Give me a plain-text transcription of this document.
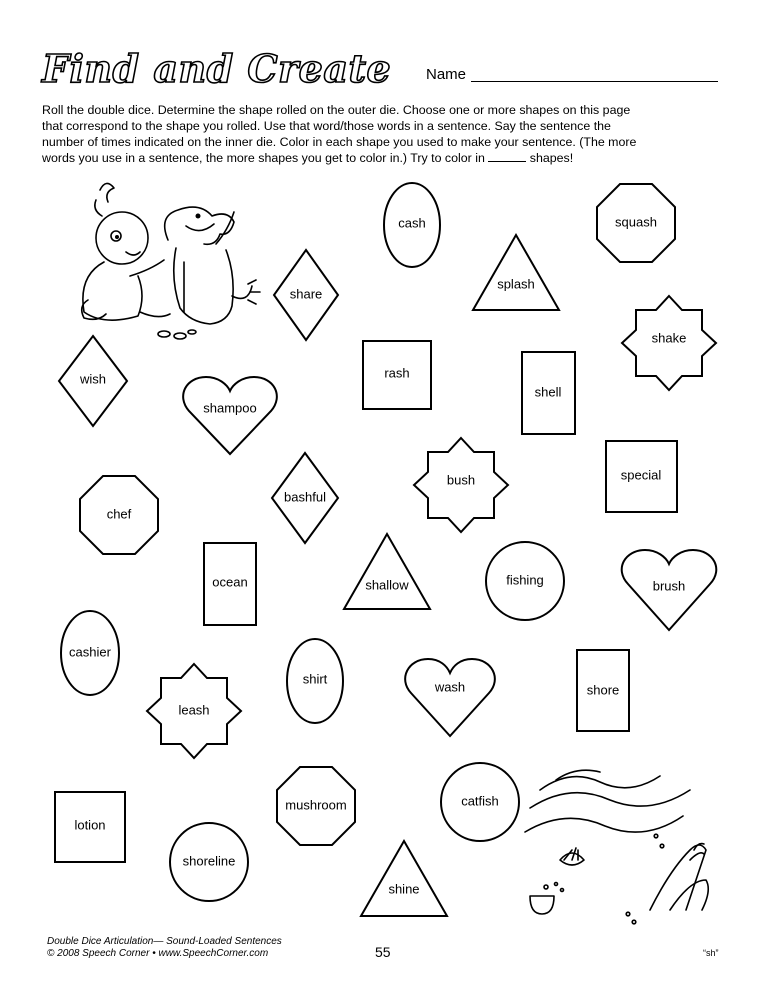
Find and Create Name
Roll the double dice. Determine the shape rolled on the outer die. Choose one or more shapes on this page
that correspond to the shape you rolled. Use that word/those words in a sentence. Say the sentence the
number of times indicated on the inner die. Color in each shape you used to make your sentence. (The more
words you use in a sentence, the more shapes you get to color in.) Try to color in	shapes!
cash	squash
splash
share
shake
rash
wish
shell
shampoo
bush	special
bashful
chef
ocean	shallow	fishing	brush
cashier
shirt
wash	shore
leash
mushroom	catfish
lotion
shoreline
shine
Double Dice Articulation— Sound-Loaded Sentences
© 2008 Speech Corner • www.SpeechCorner.com	55	“sh”
